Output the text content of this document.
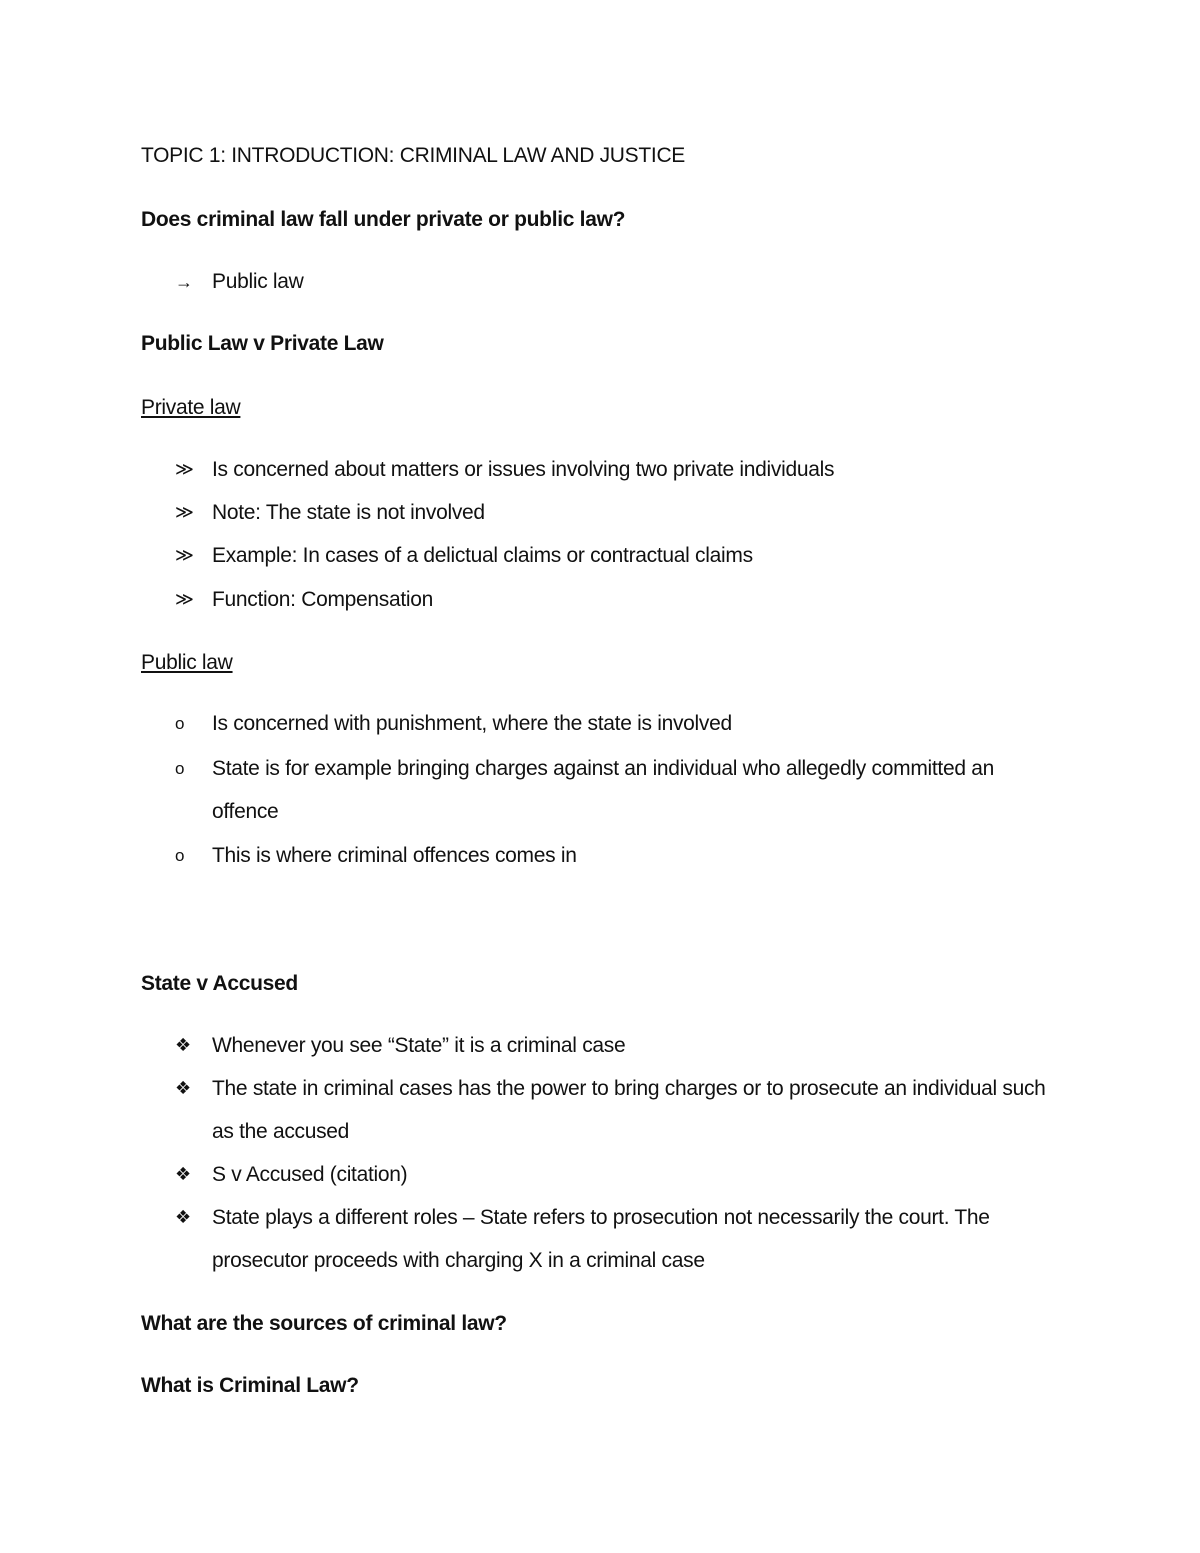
TOPIC 1: INTRODUCTION: CRIMINAL LAW AND JUSTICE
Does criminal law fall under private or public law?
→ Public law
Public Law v Private Law
Private law
≫ Is concerned about matters or issues involving two private individuals
≫ Note: The state is not involved
≫ Example: In cases of a delictual claims or contractual claims
≫ Function: Compensation
Public law
o	Is concerned with punishment, where the state is involved
o	State is for example bringing charges against an individual who allegedly committed an offence
o	This is where criminal offences comes in
State v Accused
❖	Whenever you see “State” it is a criminal case
❖	The state in criminal cases has the power to bring charges or to prosecute an individual such as the accused
❖	S v Accused (citation)
❖	State plays a different roles – State refers to prosecution not necessarily the court. The prosecutor proceeds with charging X in a criminal case
What are the sources of criminal law?
What is Criminal Law?
